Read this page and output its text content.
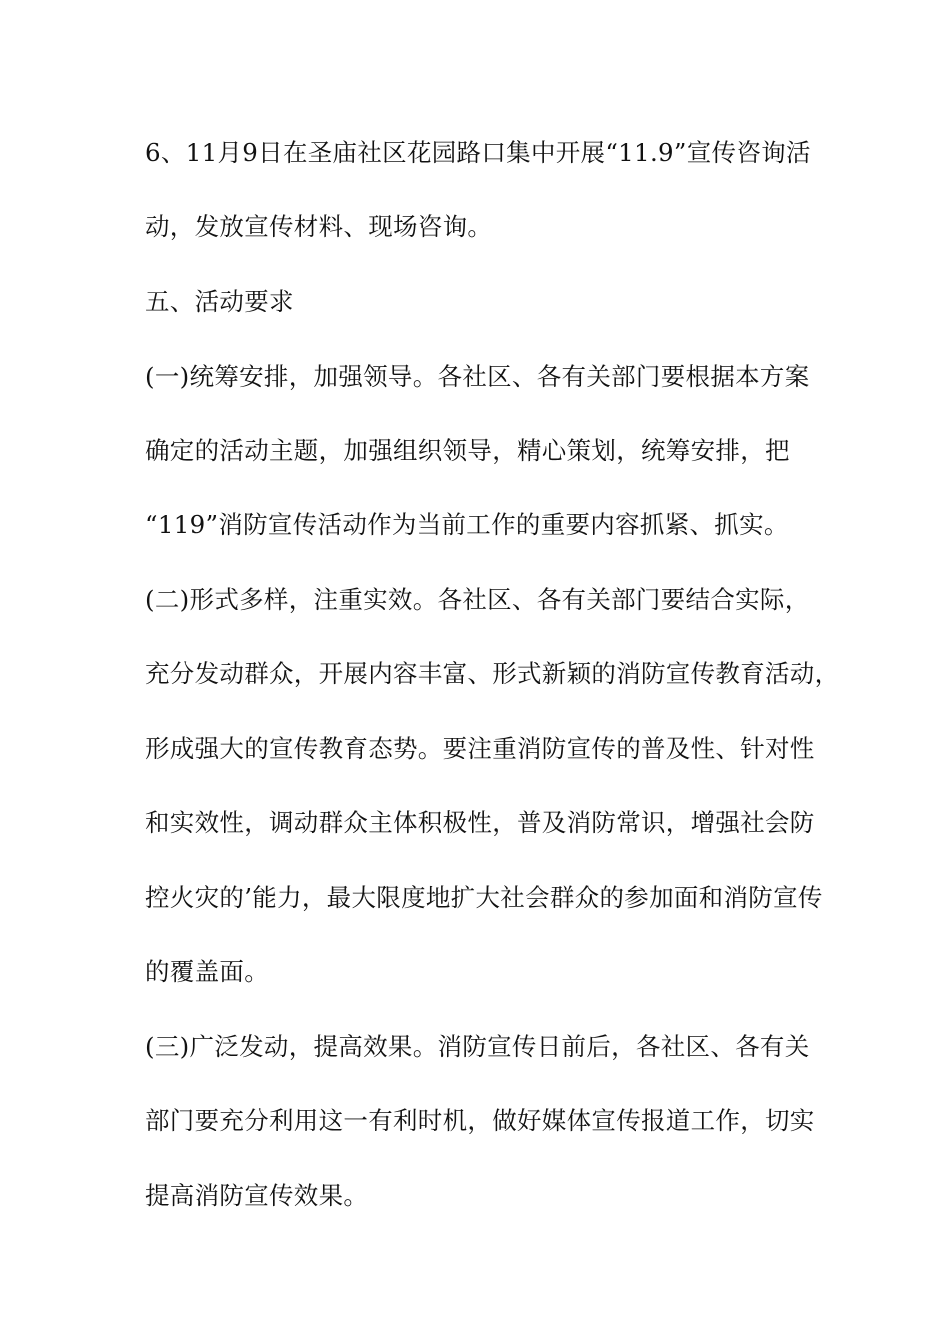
6、11月9日在圣庙社区花园路口集中开展“11.9”宣传咨询活
动，发放宣传材料、现场咨询。
五、活动要求
(一)统筹安排，加强领导。各社区、各有关部门要根据本方案
确定的活动主题，加强组织领导，精心策划，统筹安排，把
“119”消防宣传活动作为当前工作的重要内容抓紧、抓实。
(二)形式多样，注重实效。各社区、各有关部门要结合实际，
充分发动群众，开展内容丰富、形式新颖的消防宣传教育活动，
形成强大的宣传教育态势。要注重消防宣传的普及性、针对性
和实效性，调动群众主体积极性，普及消防常识，增强社会防
控火灾的’能力，最大限度地扩大社会群众的参加面和消防宣传
的覆盖面。
(三)广泛发动，提高效果。消防宣传日前后，各社区、各有关
部门要充分利用这一有利时机，做好媒体宣传报道工作，切实
提高消防宣传效果。
